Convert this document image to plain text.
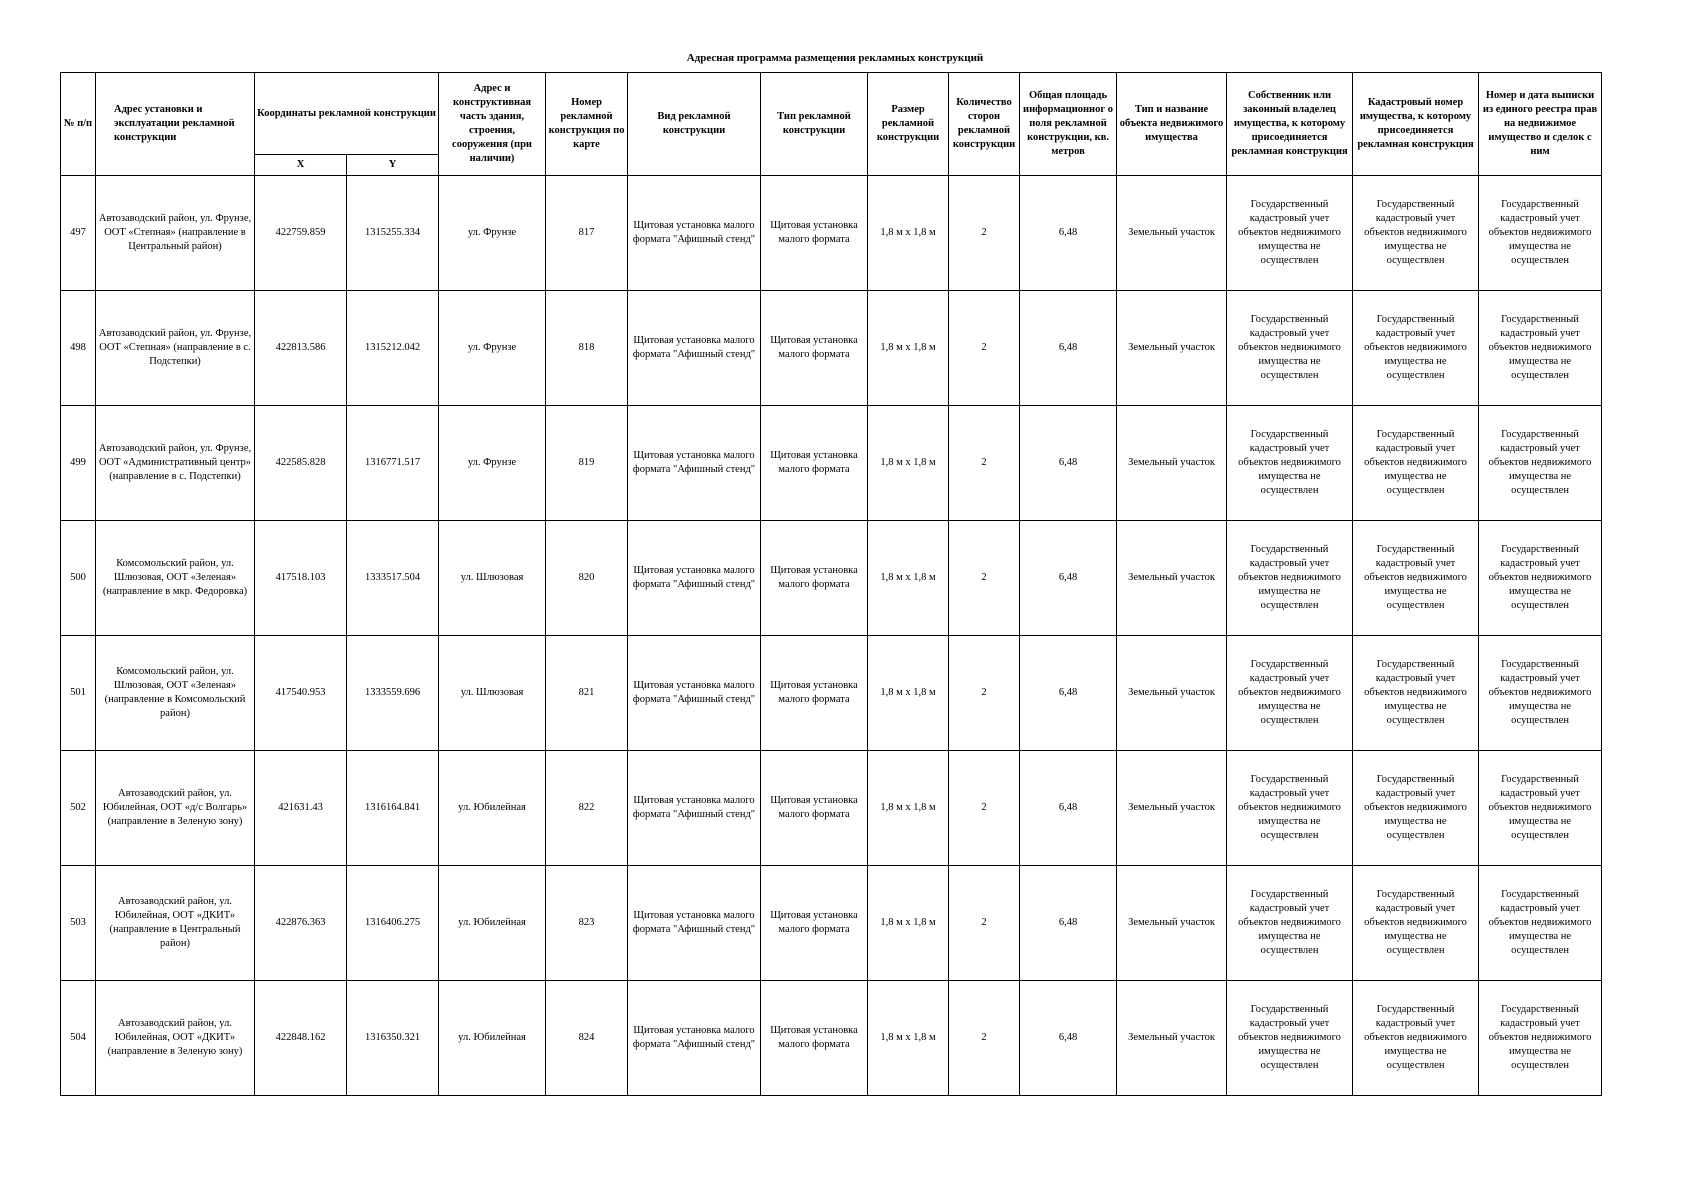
Адресная программа размещения рекламных конструкций
№ п/п	Адрес установки и эксплуатации рекламной конструкции	Координаты рекламной конструкции		Адрес и конструктивная часть здания, строения, сооружения (при наличии)	Номер рекламной конструкция по карте	Вид рекламной конструкции	Тип рекламной конструкции	Размер рекламной конструкции	Количество сторон рекламной конструкции	Общая площадь информационног о поля рекламной конструкции, кв. метров	Тип и название объекта недвижимого имущества	Собственник или законный владелец имущества, к которому присоединяется рекламная конструкция	Кадастровый номер имущества, к которому присоединяется рекламная конструкция	Номер и дата выписки из единого реестра прав на недвижимое имущество и сделок с ним
		X	Y											
497	Автозаводский район, ул. Фрунзе, ООТ «Степная» (направление в Центральный район)	422759.859	1315255.334	ул. Фрунзе	817	Щитовая установка малого формата "Афишный стенд"	Щитовая установка малого формата	1,8 м х 1,8 м	2	6,48	Земельный участок	Государственный кадастровый учет объектов недвижимого имущества не осуществлен	Государственный кадастровый учет объектов недвижимого имущества не осуществлен	Государственный кадастровый учет объектов недвижимого имущества не осуществлен
498	Автозаводский район, ул. Фрунзе, ООТ «Степная» (направление в с. Подстепки)	422813.586	1315212.042	ул. Фрунзе	818	Щитовая установка малого формата "Афишный стенд"	Щитовая установка малого формата	1,8 м х 1,8 м	2	6,48	Земельный участок	Государственный кадастровый учет объектов недвижимого имущества не осуществлен	Государственный кадастровый учет объектов недвижимого имущества не осуществлен	Государственный кадастровый учет объектов недвижимого имущества не осуществлен
499	Автозаводский район, ул. Фрунзе, ООТ «Административный центр» (направление в с. Подстепки)	422585.828	1316771.517	ул. Фрунзе	819	Щитовая установка малого формата "Афишный стенд"	Щитовая установка малого формата	1,8 м х 1,8 м	2	6,48	Земельный участок	Государственный кадастровый учет объектов недвижимого имущества не осуществлен	Государственный кадастровый учет объектов недвижимого имущества не осуществлен	Государственный кадастровый учет объектов недвижимого имущества не осуществлен
500	Комсомольский район, ул. Шлюзовая, ООТ «Зеленая» (направление в мкр. Федоровка)	417518.103	1333517.504	ул. Шлюзовая	820	Щитовая установка малого формата "Афишный стенд"	Щитовая установка малого формата	1,8 м х 1,8 м	2	6,48	Земельный участок	Государственный кадастровый учет объектов недвижимого имущества не осуществлен	Государственный кадастровый учет объектов недвижимого имущества не осуществлен	Государственный кадастровый учет объектов недвижимого имущества не осуществлен
501	Комсомольский район, ул. Шлюзовая, ООТ «Зеленая» (направление в Комсомольский район)	417540.953	1333559.696	ул. Шлюзовая	821	Щитовая установка малого формата "Афишный стенд"	Щитовая установка малого формата	1,8 м х 1,8 м	2	6,48	Земельный участок	Государственный кадастровый учет объектов недвижимого имущества не осуществлен	Государственный кадастровый учет объектов недвижимого имущества не осуществлен	Государственный кадастровый учет объектов недвижимого имущества не осуществлен
502	Автозаводский район, ул. Юбилейная, ООТ «д/с Волгарь» (направление в Зеленую зону)	421631.43	1316164.841	ул. Юбилейная	822	Щитовая установка малого формата "Афишный стенд"	Щитовая установка малого формата	1,8 м х 1,8 м	2	6,48	Земельный участок	Государственный кадастровый учет объектов недвижимого имущества не осуществлен	Государственный кадастровый учет объектов недвижимого имущества не осуществлен	Государственный кадастровый учет объектов недвижимого имущества не осуществлен
503	Автозаводский район, ул. Юбилейная, ООТ «ДКИТ» (направление в Центральный район)	422876.363	1316406.275	ул. Юбилейная	823	Щитовая установка малого формата "Афишный стенд"	Щитовая установка малого формата	1,8 м х 1,8 м	2	6,48	Земельный участок	Государственный кадастровый учет объектов недвижимого имущества не осуществлен	Государственный кадастровый учет объектов недвижимого имущества не осуществлен	Государственный кадастровый учет объектов недвижимого имущества не осуществлен
504	Автозаводский район, ул. Юбилейная, ООТ «ДКИТ» (направление в Зеленую зону)	422848.162	1316350.321	ул. Юбилейная	824	Щитовая установка малого формата "Афишный стенд"	Щитовая установка малого формата	1,8 м х 1,8 м	2	6,48	Земельный участок	Государственный кадастровый учет объектов недвижимого имущества не осуществлен	Государственный кадастровый учет объектов недвижимого имущества не осуществлен	Государственный кадастровый учет объектов недвижимого имущества не осуществлен
